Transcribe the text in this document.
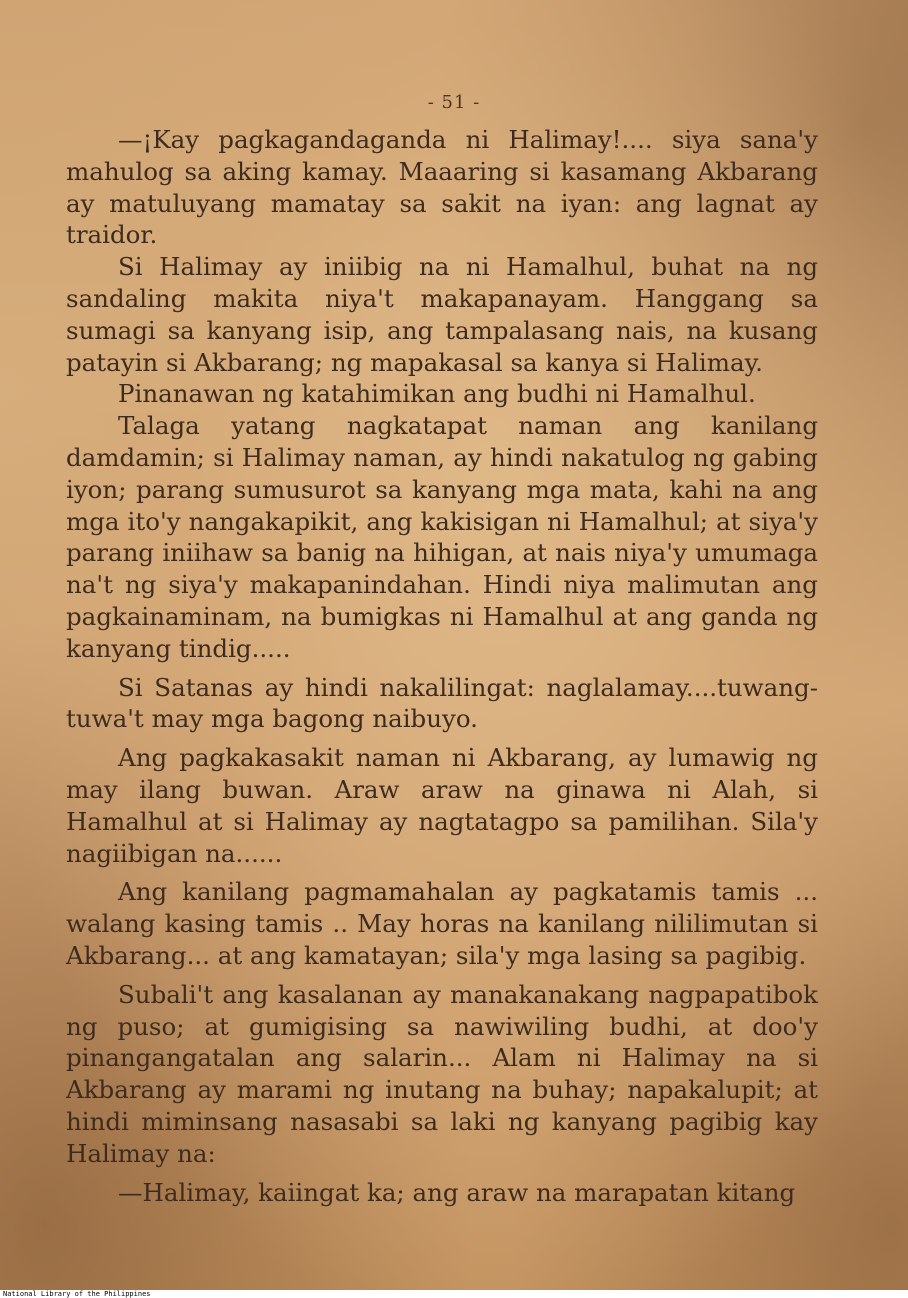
- 51 -

—¡Kay pagkagandaganda ni Halimay!.... siya sana'y mahulog sa aking kamay. Maaaring si kasamang Akbarang ay matuluyang mamatay sa sakit na iyan: ang lagnat ay traidor.

Si Halimay ay iniibig na ni Hamalhul, buhat na ng sandaling makita niya't makapanayam. Hanggang sa sumagi sa kanyang isip, ang tampalasang nais, na kusang patayin si Akbarang; ng mapakasal sa kanya si Halimay.

Pinanawan ng katahimikan ang budhi ni Hamalhul.

Talaga yatang nagkatapat naman ang kanilang damdamin; si Halimay naman, ay hindi nakatulog ng gabing iyon; parang sumusurot sa kanyang mga mata, kahi na ang mga ito'y nangakapikit, ang kakisigan ni Hamalhul; at siya'y parang iniihaw sa banig na hihigan, at nais niya'y umumaga na't ng siya'y makapanindahan. Hindi niya malimutan ang pagkainaminam, na bumigkas ni Hamalhul at ang ganda ng kanyang tindig.....

Si Satanas ay hindi nakalilingat: naglalamay....tuwang-tuwa't may mga bagong naibuyo.

Ang pagkakasakit naman ni Akbarang, ay lumawig ng may ilang buwan. Araw araw na ginawa ni Alah, si Hamalhul at si Halimay ay nagtatagpo sa pamilihan. Sila'y nagiibigan na......

Ang kanilang pagmamahalan ay pagkatamis tamis ... walang kasing tamis .. May horas na kanilang nililimutan si Akbarang... at ang kamatayan; sila'y mga lasing sa pagibig.

Subali't ang kasalanan ay manakanakang nagpapatibok ng puso; at gumigising sa nawiwiling budhi, at doo'y pinangangatalan ang salarin... Alam ni Halimay na si Akbarang ay marami ng inutang na buhay; napakalupit; at hindi miminsang nasasabi sa laki ng kanyang pagibig kay Halimay na:

—Halimay, kaiingat ka; ang araw na marapatan kitang

National Library of the Philippines
